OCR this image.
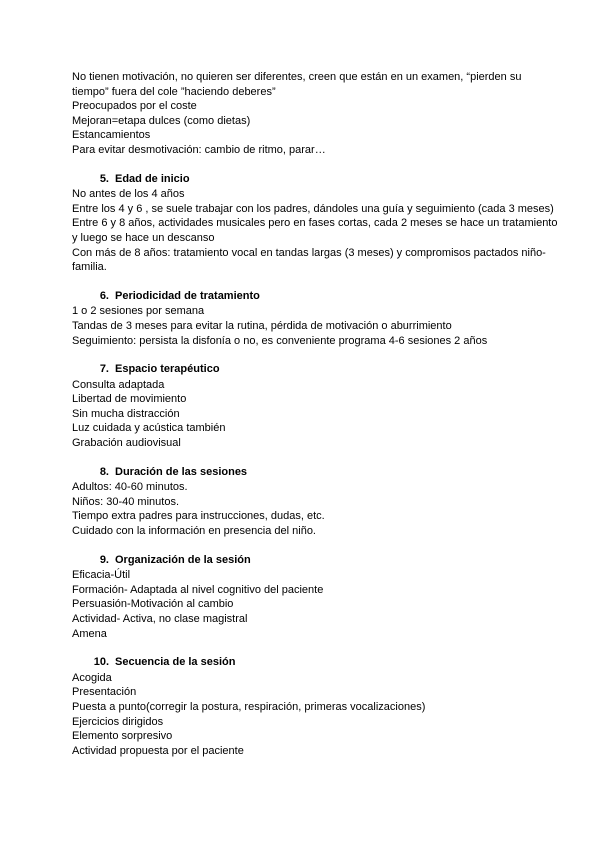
No tienen motivación, no quieren ser diferentes, creen que están en un examen, “pierden su tiempo” fuera del cole ”haciendo deberes”

Preocupados por el coste

Mejoran=etapa dulces (como dietas)

Estancamientos

Para evitar desmotivación: cambio de ritmo, parar…

5. Edad de inicio

No antes de los 4 años

Entre los 4 y 6 , se suele trabajar con los padres, dándoles una guía y seguimiento (cada 3 meses)

Entre 6 y 8 años, actividades musicales pero en fases cortas, cada 2 meses se hace un tratamiento y luego se hace un descanso

Con más de 8 años: tratamiento vocal en tandas largas (3 meses) y compromisos pactados niño-familia.

6. Periodicidad de tratamiento

1 o 2 sesiones por semana

Tandas de 3 meses para evitar la rutina, pérdida de motivación o aburrimiento

Seguimiento: persista la disfonía o no, es conveniente programa 4-6 sesiones 2 años

7. Espacio terapéutico

Consulta adaptada

Libertad de movimiento

Sin mucha distracción

Luz cuidada y acústica también

Grabación audiovisual

8. Duración de las sesiones

Adultos: 40-60 minutos.

Niños: 30-40 minutos.

Tiempo extra padres para instrucciones, dudas, etc.

Cuidado con la información en presencia del niño.

9. Organización de la sesión

Eficacia-Útil

Formación- Adaptada al nivel cognitivo del paciente

Persuasión-Motivación al cambio

Actividad- Activa, no clase magistral

Amena

10. Secuencia de la sesión

Acogida

Presentación

Puesta a punto(corregir la postura, respiración, primeras vocalizaciones)

Ejercicios dirigidos

Elemento sorpresivo

Actividad propuesta por el paciente
